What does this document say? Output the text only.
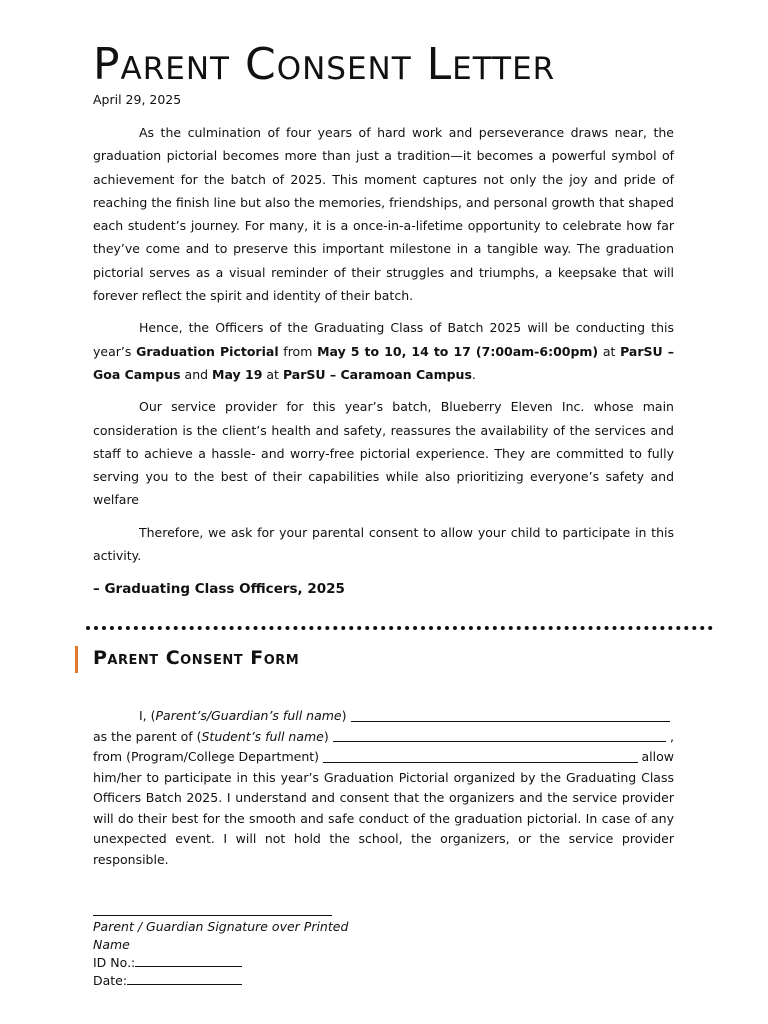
Parent Consent Letter
April 29, 2025

As the culmination of four years of hard work and perseverance draws near, the graduation pictorial becomes more than just a tradition—it becomes a powerful symbol of achievement for the batch of 2025. This moment captures not only the joy and pride of reaching the finish line but also the memories, friendships, and personal growth that shaped each student’s journey. For many, it is a once-in-a-lifetime opportunity to celebrate how far they’ve come and to preserve this important milestone in a tangible way. The graduation pictorial serves as a visual reminder of their struggles and triumphs, a keepsake that will forever reflect the spirit and identity of their batch.

Hence, the Officers of the Graduating Class of Batch 2025 will be conducting this year’s Graduation Pictorial from May 5 to 10, 14 to 17 (7:00am-6:00pm) at ParSU – Goa Campus and May 19 at ParSU – Caramoan Campus.

Our service provider for this year’s batch, Blueberry Eleven Inc. whose main consideration is the client’s health and safety, reassures the availability of the services and staff to achieve a hassle- and worry-free pictorial experience. They are committed to fully serving you to the best of their capabilities while also prioritizing everyone’s safety and welfare

Therefore, we ask for your parental consent to allow your child to participate in this activity.

– Graduating Class Officers, 2025
Parent Consent Form
I, (Parent’s/Guardian’s full name)
as the parent of (Student’s full name)	,
from (Program/College Department)	allow
him/her to participate in this year’s Graduation Pictorial organized by the Graduating Class Officers Batch 2025. I understand and consent that the organizers and the service provider will do their best for the smooth and safe conduct of the graduation pictorial. In case of any unexpected event. I will not hold the school, the organizers, or the service provider responsible.
Parent / Guardian Signature over Printed Name
ID No.:
Date:
